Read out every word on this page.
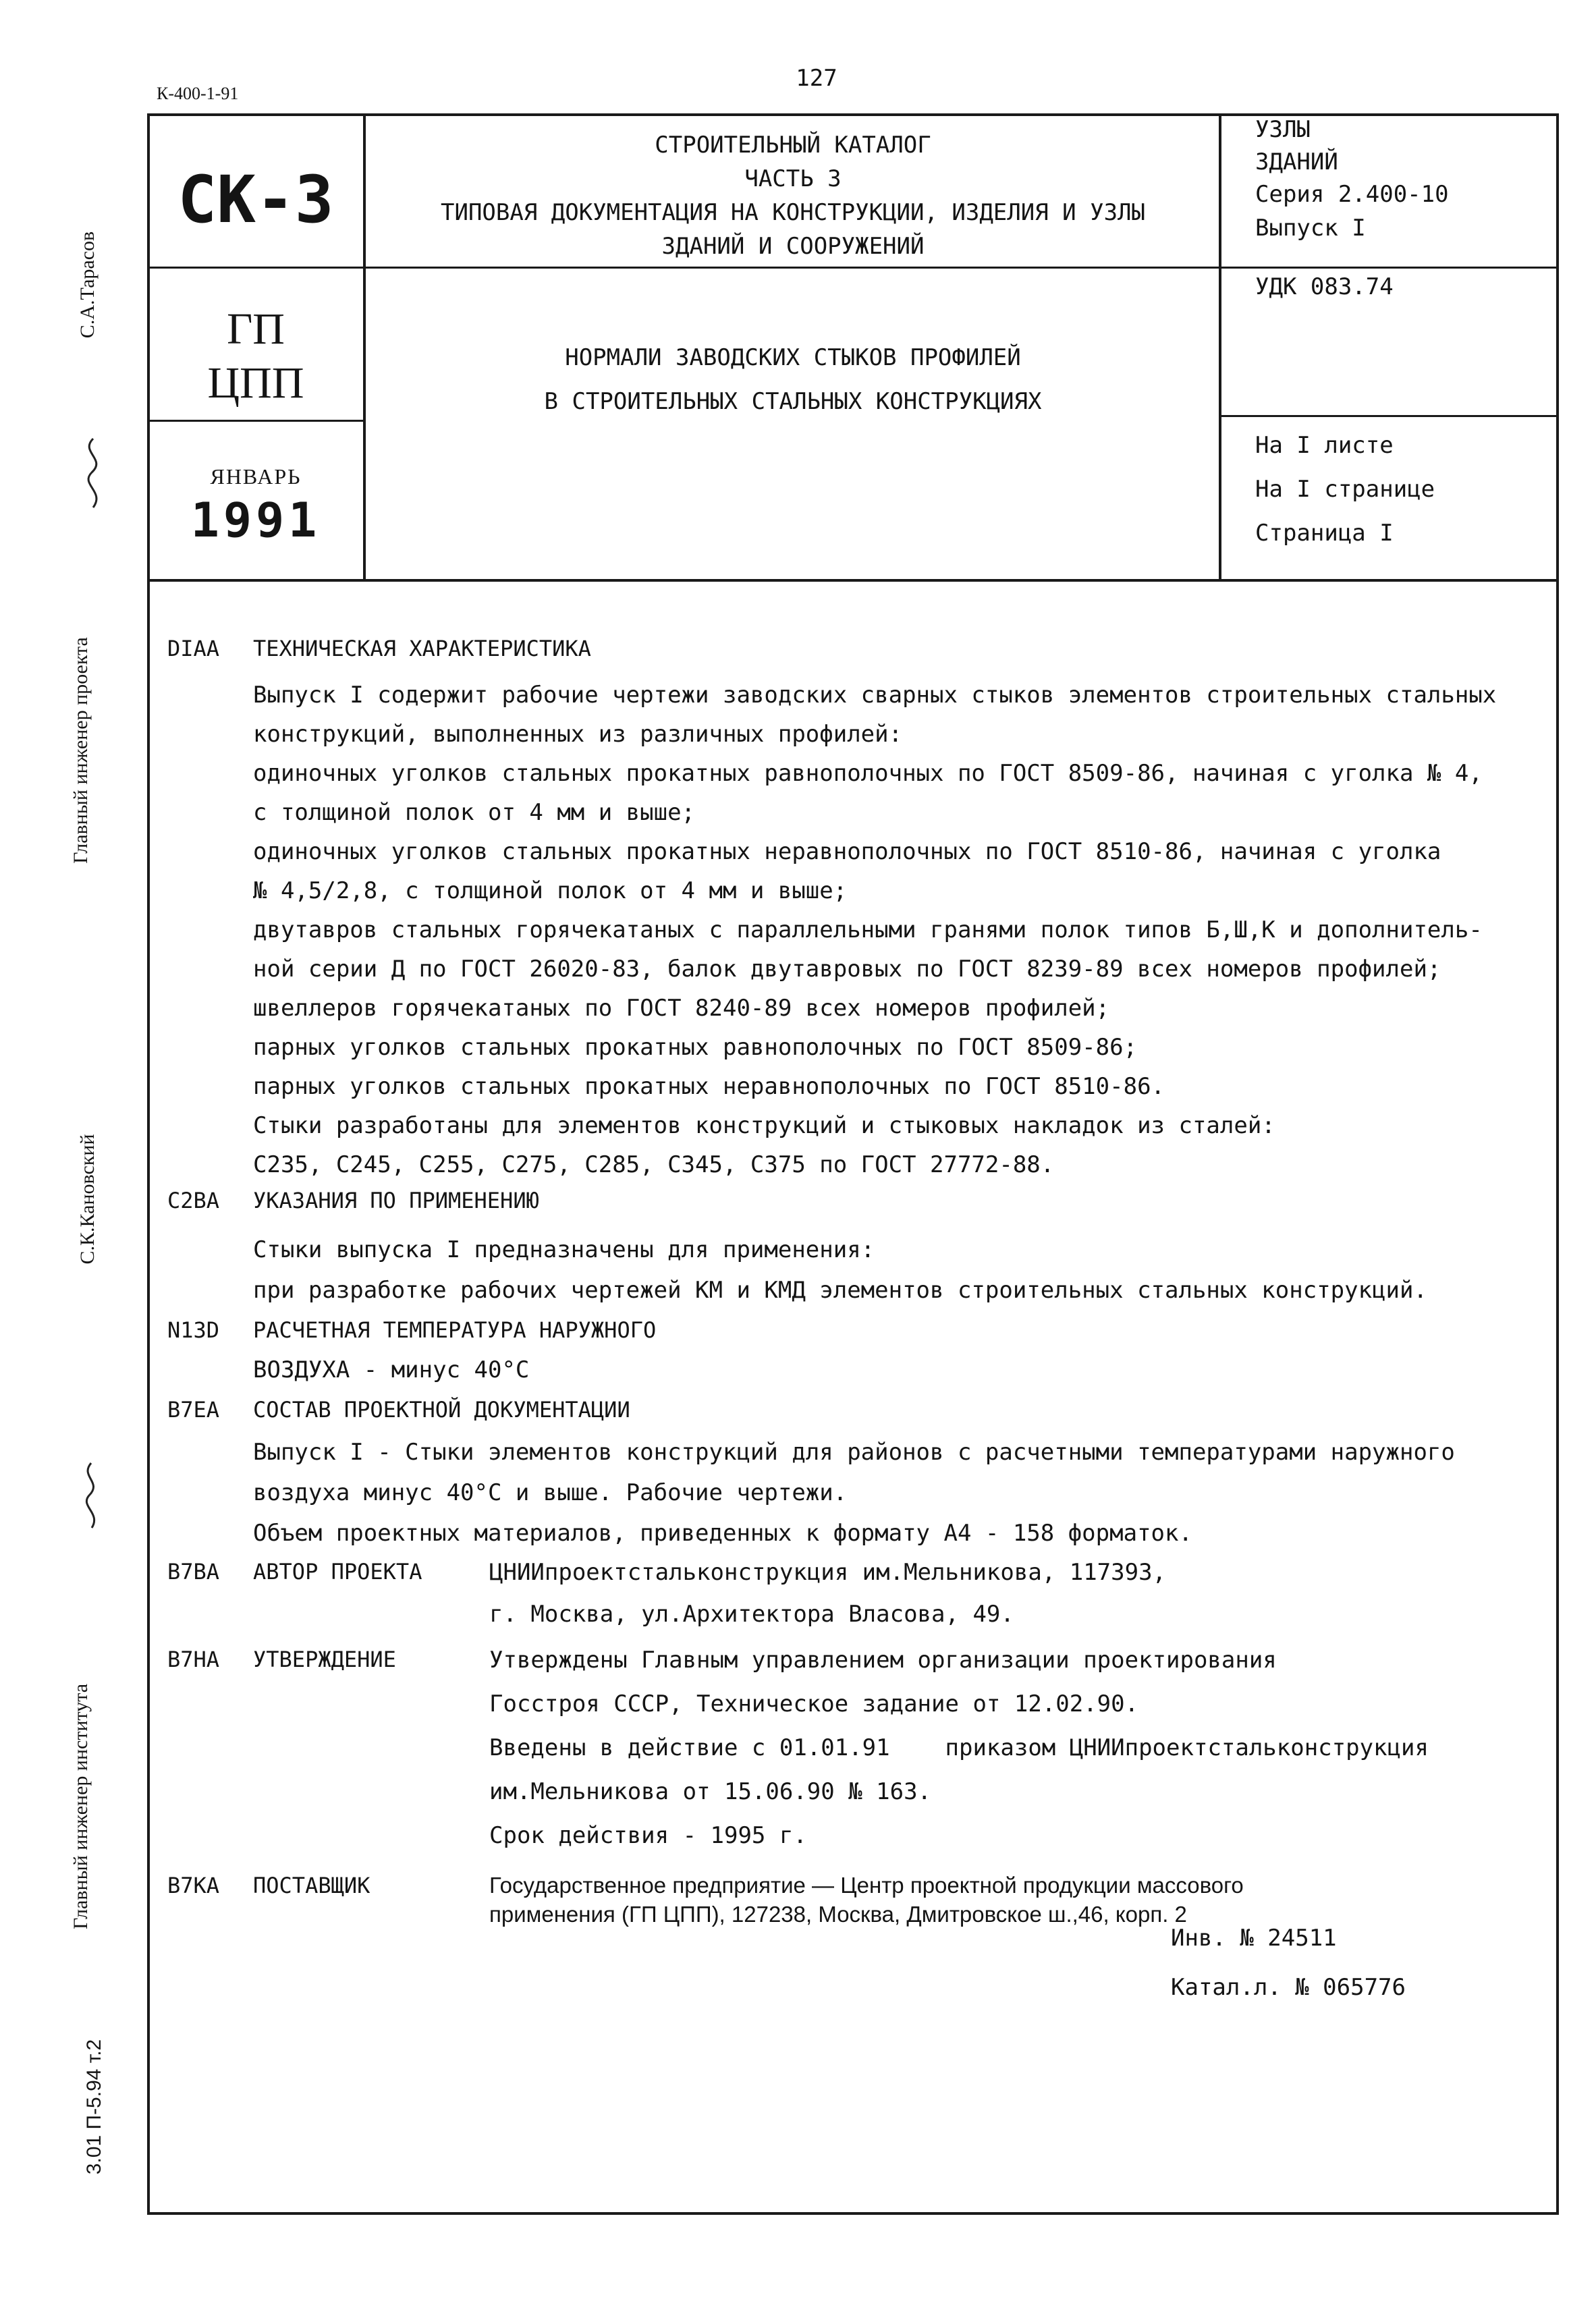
127
К-400-1-91
С.А.Тарасов
Главный инженер проекта
С.К.Кановский
Главный инженер института
3.01 П-5.94 т.2
СК-3
ГП
ЦПП
ЯНВАРЬ
1991
СТРОИТЕЛЬНЫЙ КАТАЛОГ
ЧАСТЬ 3
ТИПОВАЯ ДОКУМЕНТАЦИЯ НА КОНСТРУКЦИИ, ИЗДЕЛИЯ И УЗЛЫ
ЗДАНИЙ И СООРУЖЕНИЙ
НОРМАЛИ ЗАВОДСКИХ СТЫКОВ ПРОФИЛЕЙ
В СТРОИТЕЛЬНЫХ СТАЛЬНЫХ КОНСТРУКЦИЯХ
УЗЛЫ
ЗДАНИЙ
Серия 2.400-10
Выпуск I
УДК 083.74
На I листе
На I странице
Страница I
DIAA ТЕХНИЧЕСКАЯ ХАРАКТЕРИСТИКА
Выпуск I содержит рабочие чертежи заводских сварных стыков элементов строительных стальных
конструкций, выполненных из различных профилей:
одиночных уголков стальных прокатных равнополочных по ГОСТ 8509-86, начиная с уголка № 4,
с толщиной полок от 4 мм и выше;
одиночных уголков стальных прокатных неравнополочных по ГОСТ 8510-86, начиная с уголка
№ 4,5/2,8, с толщиной полок от 4 мм и выше;
двутавров стальных горячекатаных с параллельными гранями полок типов Б,Ш,К и дополнитель-
ной серии Д по ГОСТ 26020-83, балок двутавровых по ГОСТ 8239-89 всех номеров профилей;
швеллеров горячекатаных по ГОСТ 8240-89 всех номеров профилей;
парных уголков стальных прокатных равнополочных по ГОСТ 8509-86;
парных уголков стальных прокатных неравнополочных по ГОСТ 8510-86.
Стыки разработаны для элементов конструкций и стыковых накладок из сталей:
С235, С245, С255, С275, С285, С345, С375 по ГОСТ 27772-88.
C2BA УКАЗАНИЯ ПО ПРИМЕНЕНИЮ
Стыки выпуска I предназначены для применения:
при разработке рабочих чертежей КМ и КМД элементов строительных стальных конструкций.
N13D РАСЧЕТНАЯ ТЕМПЕРАТУРА НАРУЖНОГО
ВОЗДУХА - минус 40°С
B7EA СОСТАВ ПРОЕКТНОЙ ДОКУМЕНТАЦИИ
Выпуск I - Стыки элементов конструкций для районов с расчетными температурами наружного
воздуха минус 40°С и выше. Рабочие чертежи.
Объем проектных материалов, приведенных к формату А4 - 158 форматок.
B7BA АВТОР ПРОЕКТА	ЦНИИпроектстальконструкция им.Мельникова, 117393,
г. Москва, ул.Архитектора Власова, 49.
B7HA УТВЕРЖДЕНИЕ	Утверждены Главным управлением организации проектирования
Госстроя СССР, Техническое задание от 12.02.90.
Введены в действие с 01.01.91    приказом ЦНИИпроектстальконструкция
им.Мельникова от 15.06.90 № 163.
Срок действия - 1995 г.
B7KA ПОСТАВЩИК	Государственное предприятие — Центр проектной продукции массового
применения (ГП ЦПП), 127238, Москва, Дмитровское ш.,46, корп. 2
Инв. № 24511
Катал.л. № 065776
